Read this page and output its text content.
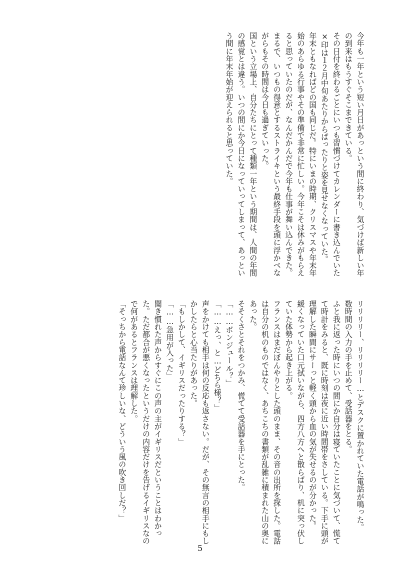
今年も一年という短い月日があっという間に終わり、気づけば新しい年の到来はもうすぐそこまできている。
その日付を終わるごとにいつも習慣づけてカレンダーに書き込んでいた×印は１２月中旬あたりからぱったりと姿を見せなくなっていた。
年末ともなればどの国も同じだ。特にいまの時期、クリスマスや年末年始のあらゆる行事やその準備で非常に忙しい。今年こそは休みがもらえると思っていたのだが、なんだかんだで今年も仕事が舞い込んできた。
まるで、いつもの得意とするストライキという最終手段を頭に浮かべながらもその時間は今日も過ぎていった。
国という立場上、自分たちにとって種類一年という期間は、人間の年間の感覚とは違う。いつの間にか今日になっていってしまって、あっという間に年末年始が迎えられると思っていた。
リリリリー、リリリリー…とデスクに置かれていた電話が鳴った。
数時間の入力の手を止めて、受話器をとる。
ふと我に返った時にいつの間にか自分は寝ていたことに気づいて、慌てて時計をみると、既に時刻は夜に近い時間帯をさしている。下手に頭が理解した瞬間にサーっと軽く頭から血の気が失せるのが分かった。
緩くなっていた口元拭いながら、四方八方へと散らばり、机に突っ伏していた体勢から起き上がる。
フランスはまだぼんやりとした頭のまま、その音の出所を探した。電話は自分の机のものではなく、あちこちの書類が乱雑に積まれた山の奥にあった。
そそくさとそれをつかみ、慌てて受話器を手にとった。
「……ボンジュール？」
「……えっ、と…どちら様？」
声をかけても相手は何の反応も返さない。だが、その無言の相手にもしかしたらと心当たりがあった。
「もしかして、イギリスだったりする？」
「……急用が入った」
聞き慣れた声からすぐにこの声の主がイギリスだということはわかった。ただ都合が悪くなったというだけの内容だけを告げるイギリスなので何があるとフランスは理解した。
「そっちから電話なんて珍しいな、どういう風の吹き回しだ？」
5
